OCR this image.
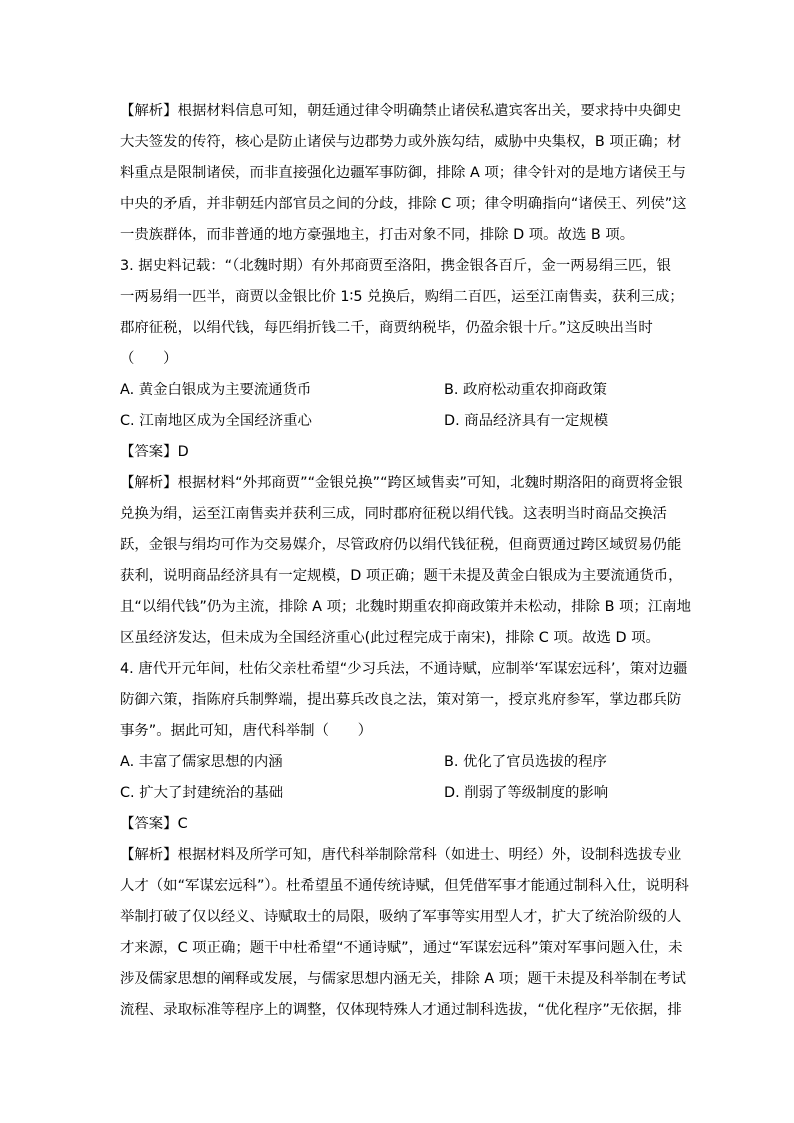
【解析】根据材料信息可知，朝廷通过律令明确禁止诸侯私遣宾客出关，要求持中央御史
大夫签发的传符，核心是防止诸侯与边郡势力或外族勾结，威胁中央集权，B 项正确；材
料重点是限制诸侯，而非直接强化边疆军事防御，排除 A 项；律令针对的是地方诸侯王与
中央的矛盾，并非朝廷内部官员之间的分歧，排除 C 项；律令明确指向“诸侯王、列侯”这
一贵族群体，而非普通的地方豪强地主，打击对象不同，排除 D 项。故选 B 项。
3. 据史料记载：“（北魏时期）有外邦商贾至洛阳，携金银各百斤，金一两易绢三匹，银
一两易绢一匹半，商贾以金银比价 1∶5 兑换后，购绢二百匹，运至江南售卖，获利三成；
郡府征税，以绢代钱，每匹绢折钱二千，商贾纳税毕，仍盈余银十斤。”这反映出当时
（　　）
A. 黄金白银成为主要流通货币	B. 政府松动重农抑商政策
C. 江南地区成为全国经济重心	D. 商品经济具有一定规模
【答案】D
【解析】根据材料“外邦商贾”“金银兑换”“跨区域售卖”可知，北魏时期洛阳的商贾将金银
兑换为绢，运至江南售卖并获利三成，同时郡府征税以绢代钱。这表明当时商品交换活
跃，金银与绢均可作为交易媒介，尽管政府仍以绢代钱征税，但商贾通过跨区域贸易仍能
获利，说明商品经济具有一定规模，D 项正确；题干未提及黄金白银成为主要流通货币，
且“以绢代钱”仍为主流，排除 A 项；北魏时期重农抑商政策并未松动，排除 B 项；江南地
区虽经济发达，但未成为全国经济重心(此过程完成于南宋)，排除 C 项。故选 D 项。
4. 唐代开元年间，杜佑父亲杜希望“少习兵法，不通诗赋，应制举‘军谋宏远科’，策对边疆
防御六策，指陈府兵制弊端，提出募兵改良之法，策对第一，授京兆府参军，掌边郡兵防
事务”。据此可知，唐代科举制（　　）
A. 丰富了儒家思想的内涵	B. 优化了官员选拔的程序
C. 扩大了封建统治的基础	D. 削弱了等级制度的影响
【答案】C
【解析】根据材料及所学可知，唐代科举制除常科（如进士、明经）外，设制科选拔专业
人才（如“军谋宏远科”）。杜希望虽不通传统诗赋，但凭借军事才能通过制科入仕，说明科
举制打破了仅以经义、诗赋取士的局限，吸纳了军事等实用型人才，扩大了统治阶级的人
才来源，C 项正确；题干中杜希望“不通诗赋”，通过“军谋宏远科”策对军事问题入仕，未
涉及儒家思想的阐释或发展，与儒家思想内涵无关，排除 A 项；题干未提及科举制在考试
流程、录取标准等程序上的调整，仅体现特殊人才通过制科选拔，“优化程序”无依据，排
